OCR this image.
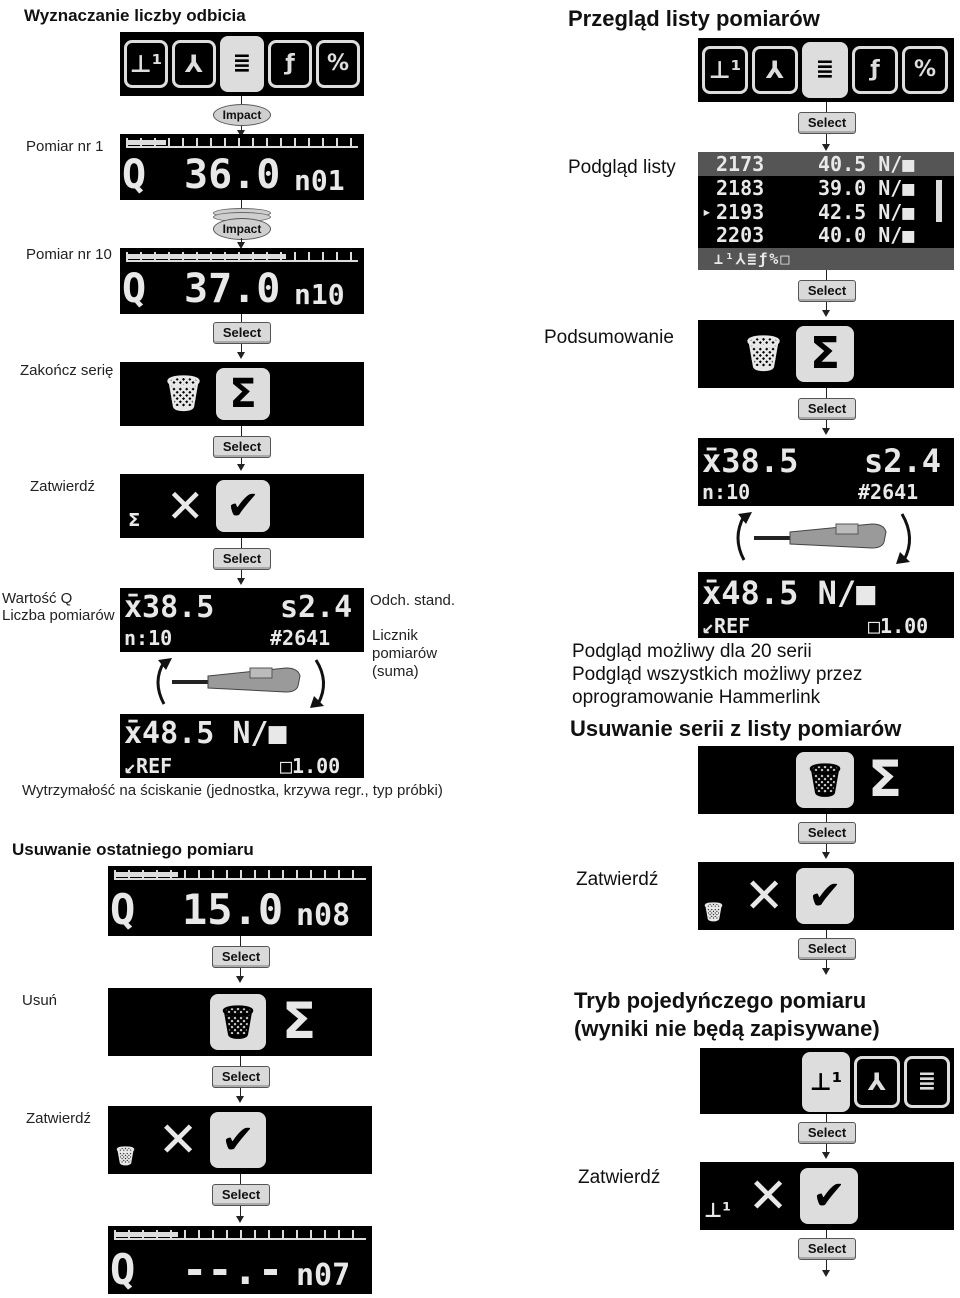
Wyznaczanie liczby odbicia
⊥¹ ⅄	≣	ƒ	%
Impact
Pomiar nr 1
Q 36.0 n01
Impact
Pomiar nr 10
Q 37.0 n10
Select
Zakończ serię
🗑 Σ
Select
Zatwierdź
Σ ✕ ✔
Select
Wartość Q
Liczba pomiarów x̄38.5 s2.4
n:10	#2641
Odch. stand.
Licznik
pomiarów
(suma)
x̄48.5 N/■
↙REF	□1.00
Wytrzymałość na ściskanie (jednostka, krzywa regr., typ próbki)
Usuwanie ostatniego pomiaru
Q 15.0 n08
Select
Usuń
🗑 Σ
Select
Zatwierdź
🗑 ✕ ✔
Select
Q --.- n07
Przegląd listy pomiarów
⊥¹	⅄	≣	ƒ	%
Select
Podgląd listy 2173	40.5 N/■
2183	39.0 N/■
▸ 2193	42.5 N/■
2203	40.0 N/■
⊥¹⅄≣ƒ%□
Select
Podsumowanie 🗑 Σ
Select
x̄38.5 s2.4
n:10	#2641
x̄48.5 N/■
↙REF	□1.00
Podgląd możliwy dla 20 serii
Podgląd wszystkich możliwy przez
oprogramowanie Hammerlink
Usuwanie serii z listy pomiarów
🗑 Σ
Select
Zatwierdź
🗑 ✕ ✔
Select
Tryb pojedyńczego pomiaru
(wyniki nie będą zapisywane)
⊥¹	⅄	≣
Select
Zatwierdź
⊥¹ ✕ ✔
Select
